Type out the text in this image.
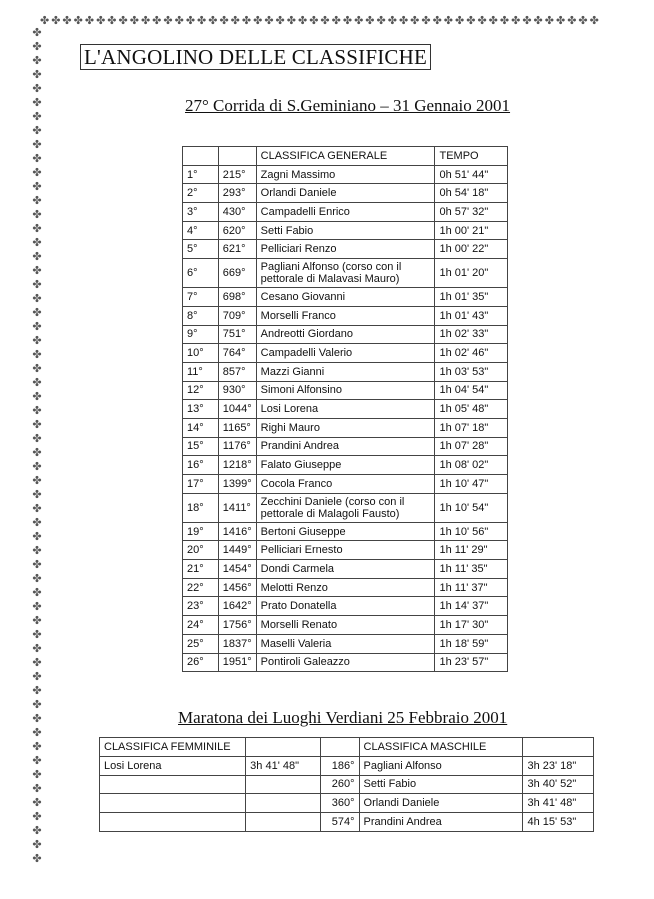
✤✤✤✤✤✤✤✤✤✤✤✤✤✤✤✤✤✤✤✤✤✤✤✤✤✤✤✤✤✤✤✤✤✤✤✤✤✤✤✤✤✤✤✤✤✤✤✤✤✤
✤✤✤✤✤✤✤✤✤✤✤✤✤✤✤✤✤✤✤✤✤✤✤✤✤✤✤✤✤✤✤✤✤✤✤✤✤✤✤✤✤✤✤✤✤✤✤✤✤✤✤✤✤✤✤✤✤✤✤✤
L'ANGOLINO DELLE CLASSIFICHE
27° Corrida di S.Geminiano – 31 Gennaio 2001
		CLASSIFICA GENERALE	TEMPO
1°	215°	Zagni Massimo	0h 51' 44"
2°	293°	Orlandi Daniele	0h 54' 18"
3°	430°	Campadelli Enrico	0h 57' 32"
4°	620°	Setti Fabio	1h 00' 21"
5°	621°	Pelliciari Renzo	1h 00' 22"
6°	669°	Pagliani Alfonso (corso con il pettorale di Malavasi Mauro)	1h 01' 20"
7°	698°	Cesano Giovanni	1h 01' 35"
8°	709°	Morselli Franco	1h 01' 43"
9°	751°	Andreotti Giordano	1h 02' 33"
10°	764°	Campadelli Valerio	1h 02' 46"
11°	857°	Mazzi Gianni	1h 03' 53"
12°	930°	Simoni Alfonsino	1h 04' 54"
13°	1044°	Losi Lorena	1h 05' 48"
14°	1165°	Righi Mauro	1h 07' 18"
15°	1176°	Prandini Andrea	1h 07' 28"
16°	1218°	Falato Giuseppe	1h 08' 02"
17°	1399°	Cocola Franco	1h 10' 47"
18°	1411°	Zecchini Daniele (corso con il pettorale di Malagoli Fausto)	1h 10' 54"
19°	1416°	Bertoni Giuseppe	1h 10' 56"
20°	1449°	Pelliciari Ernesto	1h 11' 29"
21°	1454°	Dondi Carmela	1h 11' 35"
22°	1456°	Melotti Renzo	1h 11' 37"
23°	1642°	Prato Donatella	1h 14' 37"
24°	1756°	Morselli Renato	1h 17' 30"
25°	1837°	Maselli Valeria	1h 18' 59"
26°	1951°	Pontiroli Galeazzo	1h 23' 57"
Maratona dei Luoghi Verdiani 25 Febbraio 2001
CLASSIFICA FEMMINILE			CLASSIFICA MASCHILE	
Losi Lorena	3h 41' 48"	186°	Pagliani Alfonso	3h 23' 18"
		260°	Setti Fabio	3h 40' 52"
		360°	Orlandi Daniele	3h 41' 48"
		574°	Prandini Andrea	4h 15' 53"
